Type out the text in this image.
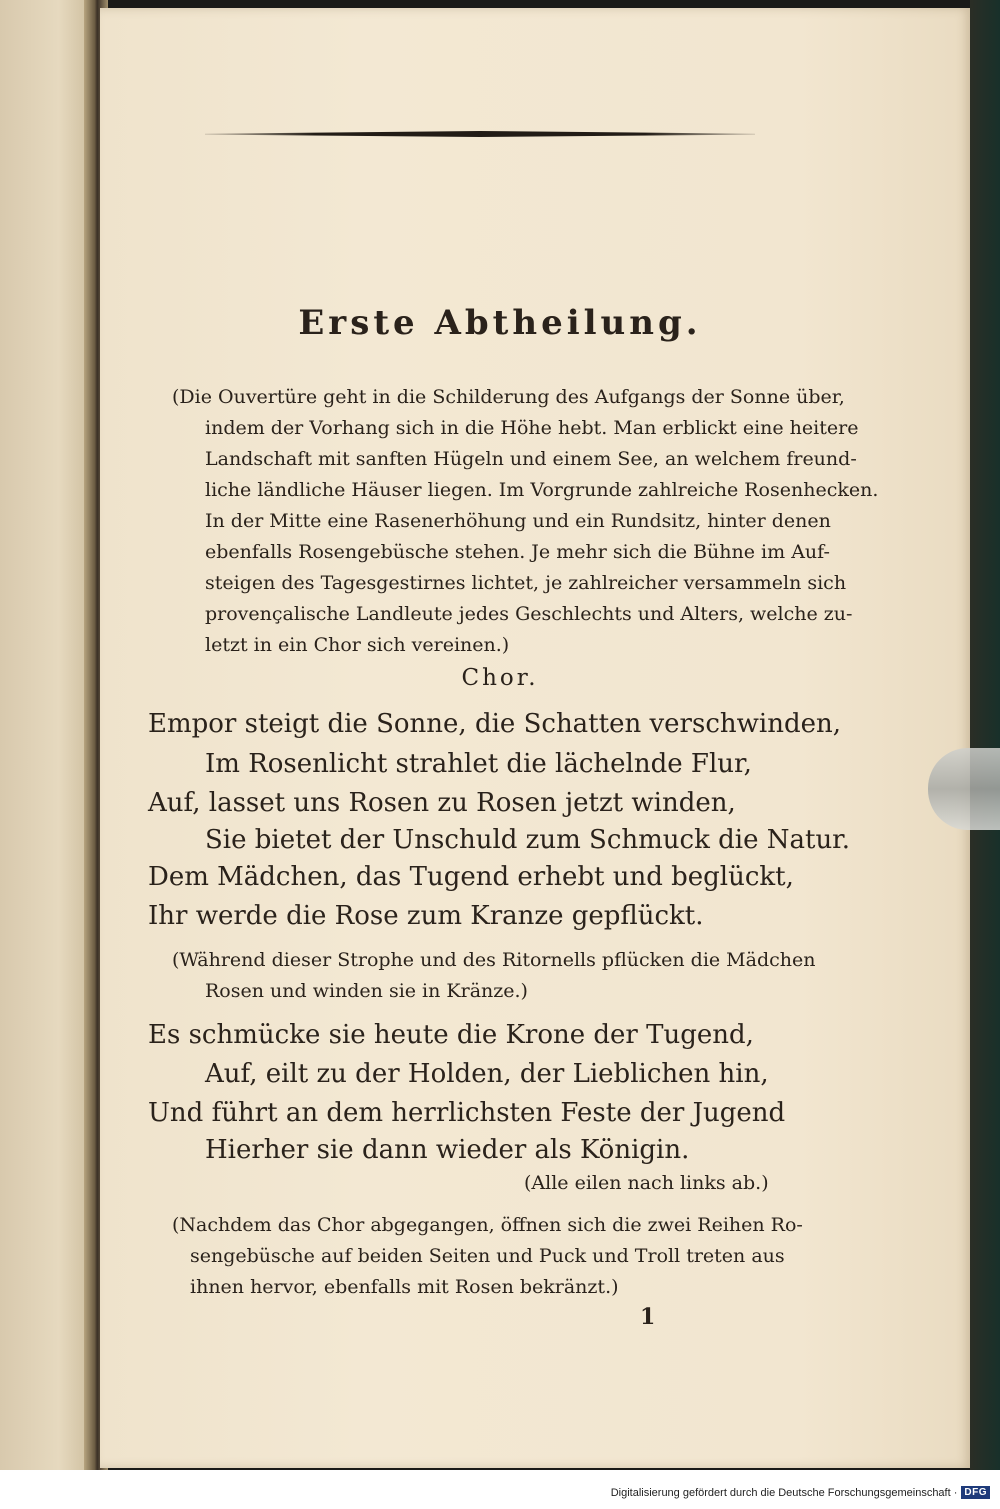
Erste Abtheilung.
(Die Ouvertüre geht in die Schilderung des Aufgangs der Sonne über,
indem der Vorhang sich in die Höhe hebt. Man erblickt eine heitere
Landschaft mit sanften Hügeln und einem See, an welchem freund-
liche ländliche Häuser liegen. Im Vorgrunde zahlreiche Rosenhecken.
In der Mitte eine Rasenerhöhung und ein Rundsitz, hinter denen
ebenfalls Rosengebüsche stehen. Je mehr sich die Bühne im Auf-
steigen des Tagesgestirnes lichtet, je zahlreicher versammeln sich
provençalische Landleute jedes Geschlechts und Alters, welche zu-
letzt in ein Chor sich vereinen.)
Chor.
Empor steigt die Sonne, die Schatten verschwinden,
Im Rosenlicht strahlet die lächelnde Flur,
Auf, lasset uns Rosen zu Rosen jetzt winden,
Sie bietet der Unschuld zum Schmuck die Natur.
Dem Mädchen, das Tugend erhebt und beglückt,
Ihr werde die Rose zum Kranze gepflückt.
(Während dieser Strophe und des Ritornells pflücken die Mädchen
Rosen und winden sie in Kränze.)
Es schmücke sie heute die Krone der Tugend,
Auf, eilt zu der Holden, der Lieblichen hin,
Und führt an dem herrlichsten Feste der Jugend
Hierher sie dann wieder als Königin.
(Alle eilen nach links ab.)
(Nachdem das Chor abgegangen, öffnen sich die zwei Reihen Ro-
sengebüsche auf beiden Seiten und Puck und Troll treten aus
ihnen hervor, ebenfalls mit Rosen bekränzt.)
1
Digitalisierung gefördert durch die Deutsche Forschungsgemeinschaft · DFG
